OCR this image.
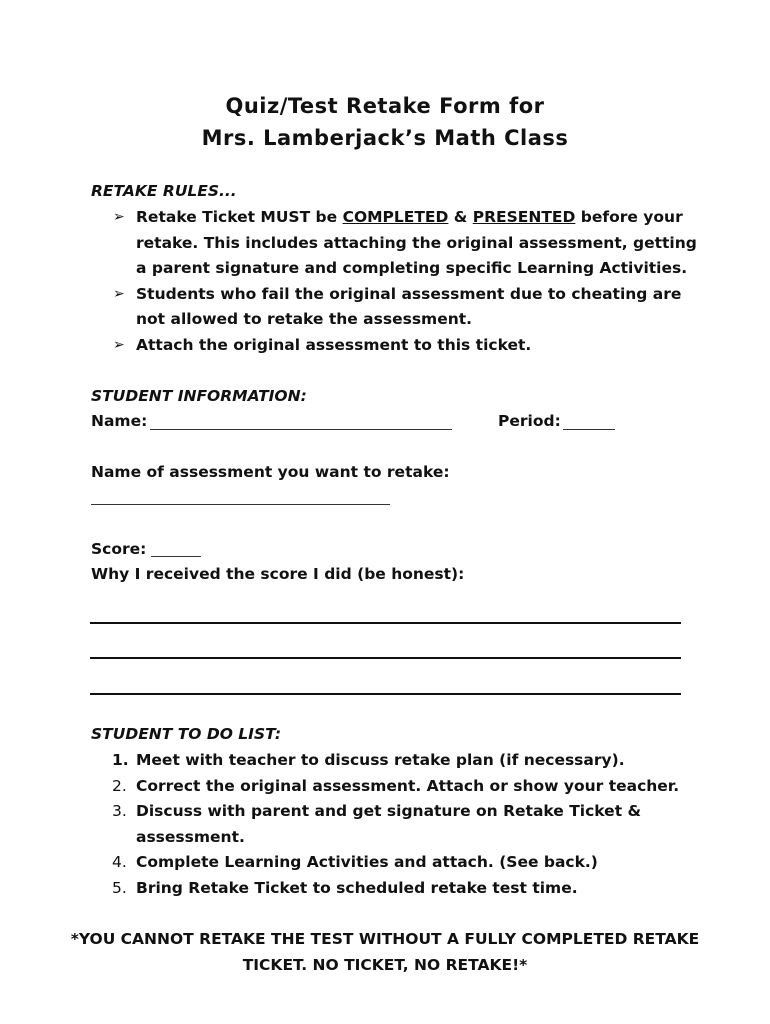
Quiz/Test Retake Form for
Mrs. Lamberjack’s Math Class
RETAKE RULES...
➢ Retake Ticket MUST be COMPLETED & PRESENTED before your
retake. This includes attaching the original assessment, getting
a parent signature and completing specific Learning Activities.
➢ Students who fail the original assessment due to cheating are
not allowed to retake the assessment.
➢ Attach the original assessment to this ticket.
STUDENT INFORMATION:
Name:	Period:
Name of assessment you want to retake:
Score:
Why I received the score I did (be honest):
STUDENT TO DO LIST:
1. Meet with teacher to discuss retake plan (if necessary).
2. Correct the original assessment. Attach or show your teacher.
3. Discuss with parent and get signature on Retake Ticket &
assessment.
4. Complete Learning Activities and attach. (See back.)
5. Bring Retake Ticket to scheduled retake test time.
*YOU CANNOT RETAKE THE TEST WITHOUT A FULLY COMPLETED RETAKE
TICKET. NO TICKET, NO RETAKE!*
